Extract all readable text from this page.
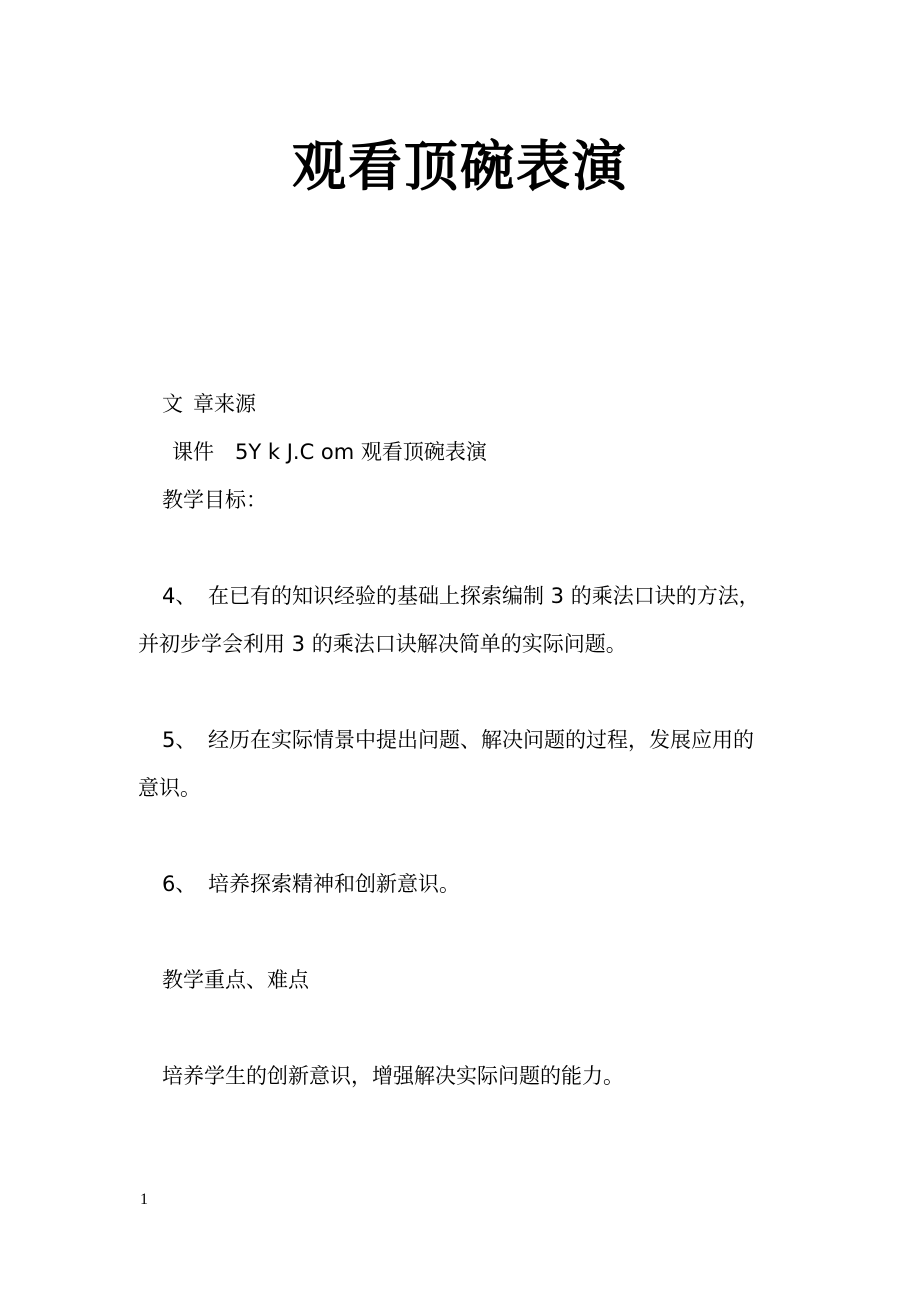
观看顶碗表演
文 章来源
课件　5Y k J.C om 观看顶碗表演
教学目标：
4、 在已有的知识经验的基础上探索编制 3 的乘法口诀的方法，
并初步学会利用 3 的乘法口诀解决简单的实际问题。
5、 经历在实际情景中提出问题、解决问题的过程，发展应用的
意识。
6、 培养探索精神和创新意识。
教学重点、难点
培养学生的创新意识，增强解决实际问题的能力。
1
